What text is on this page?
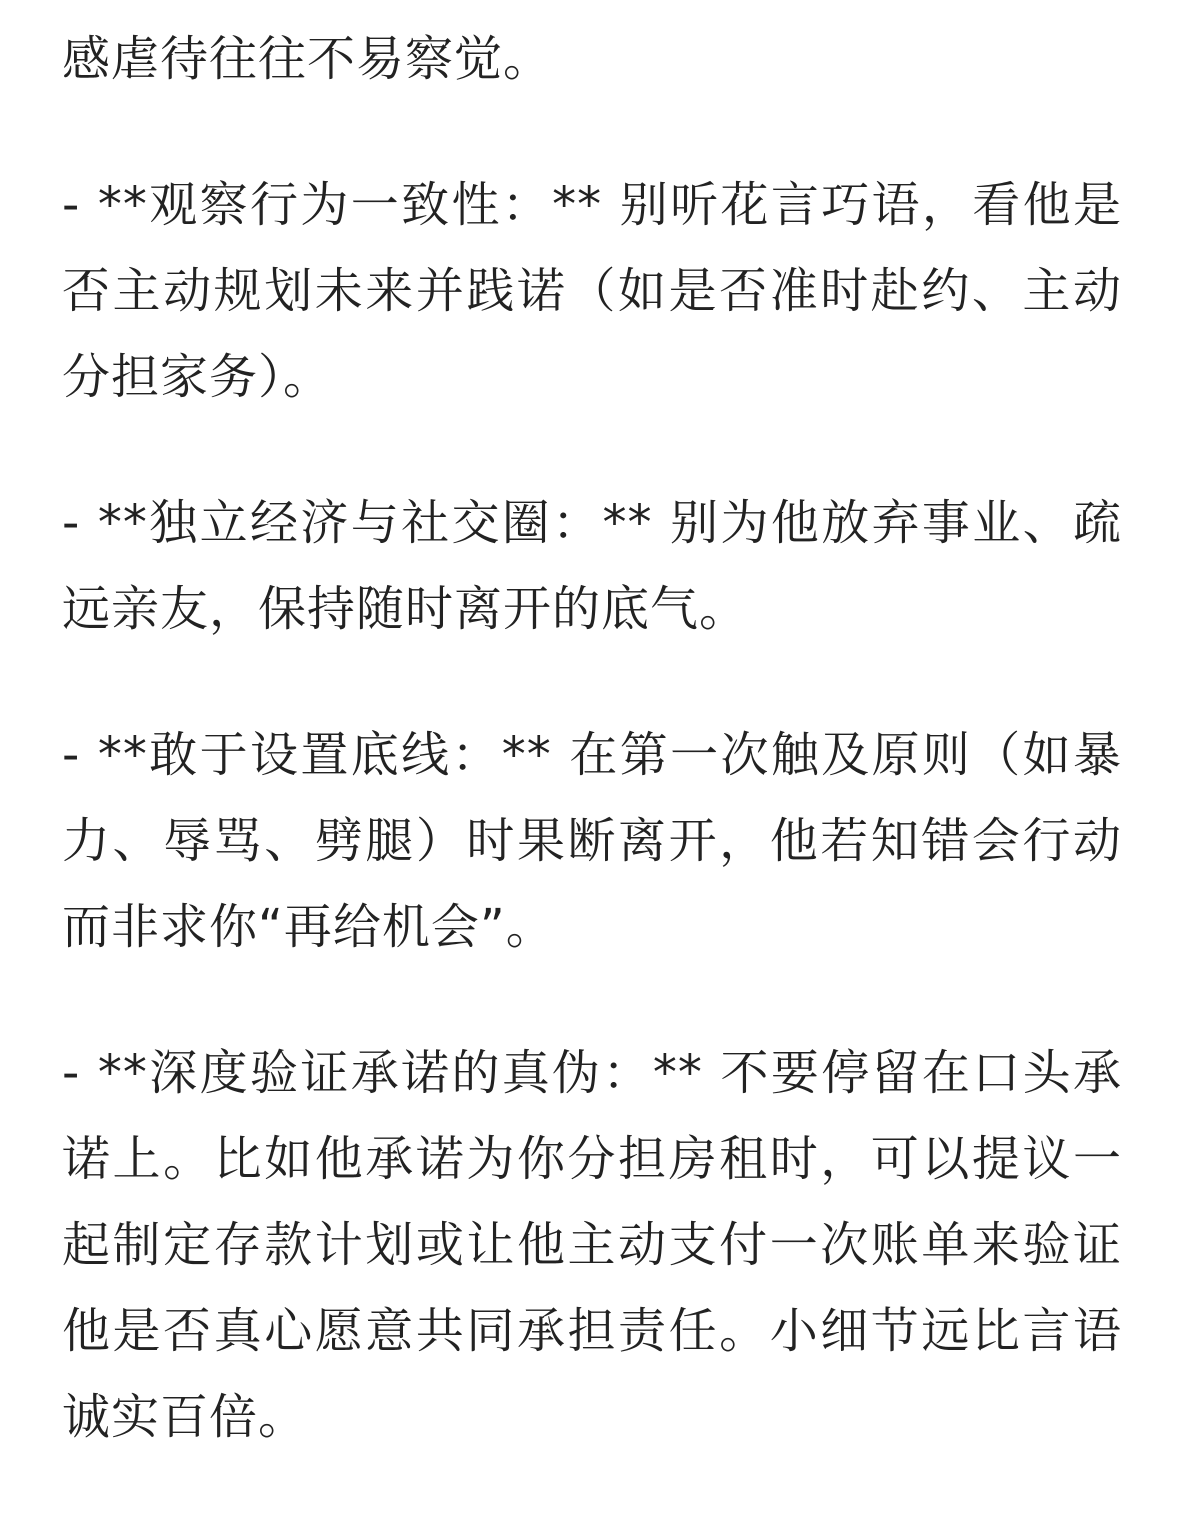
感虐待往往不易察觉。

- **观察行为一致性：** 别听花言巧语，看他是否主动规划未来并践诺（如是否准时赴约、主动分担家务）。

- **独立经济与社交圈：** 别为他放弃事业、疏远亲友，保持随时离开的底气。

- **敢于设置底线：** 在第一次触及原则（如暴力、辱骂、劈腿）时果断离开，他若知错会行动而非求你“再给机会”。

- **深度验证承诺的真伪：** 不要停留在口头承诺上。比如他承诺为你分担房租时，可以提议一起制定存款计划或让他主动支付一次账单来验证他是否真心愿意共同承担责任。小细节远比言语诚实百倍。
